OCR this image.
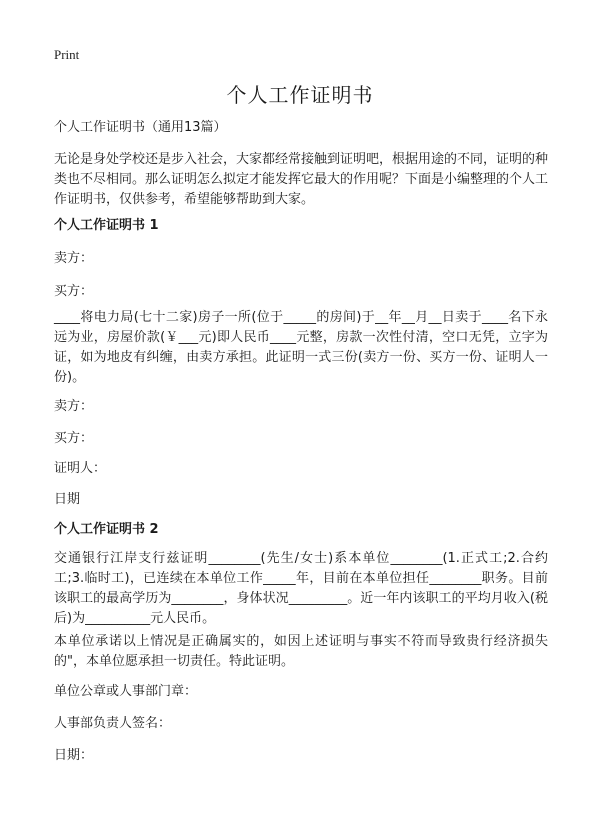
Print
个人工作证明书
个人工作证明书（通用13篇）
无论是身处学校还是步入社会，大家都经常接触到证明吧，根据用途的不同，证明的种类也不尽相同。那么证明怎么拟定才能发挥它最大的作用呢？下面是小编整理的个人工作证明书，仅供参考，希望能够帮助到大家。
个人工作证明书 1
卖方：
买方：
____将电力局(七十二家)房子一所(位于_____的房间)于__年__月__日卖于____名下永远为业，房屋价款(￥___元)即人民币____元整，房款一次性付清，空口无凭，立字为证，如为地皮有纠缠，由卖方承担。此证明一式三份(卖方一份、买方一份、证明人一份)。
卖方：
买方：
证明人：
日期
个人工作证明书 2
交通银行江岸支行兹证明________(先生/女士)系本单位________(1.正式工;2.合约工;3.临时工)，已连续在本单位工作_____年，目前在本单位担任________职务。目前该职工的最高学历为________，身体状况_________。近一年内该职工的平均月收入(税后)为__________元人民币。
本单位承诺以上情况是正确属实的，如因上述证明与事实不符而导致贵行经济损失的"，本单位愿承担一切责任。特此证明。
单位公章或人事部门章：
人事部负责人签名：
日期：
